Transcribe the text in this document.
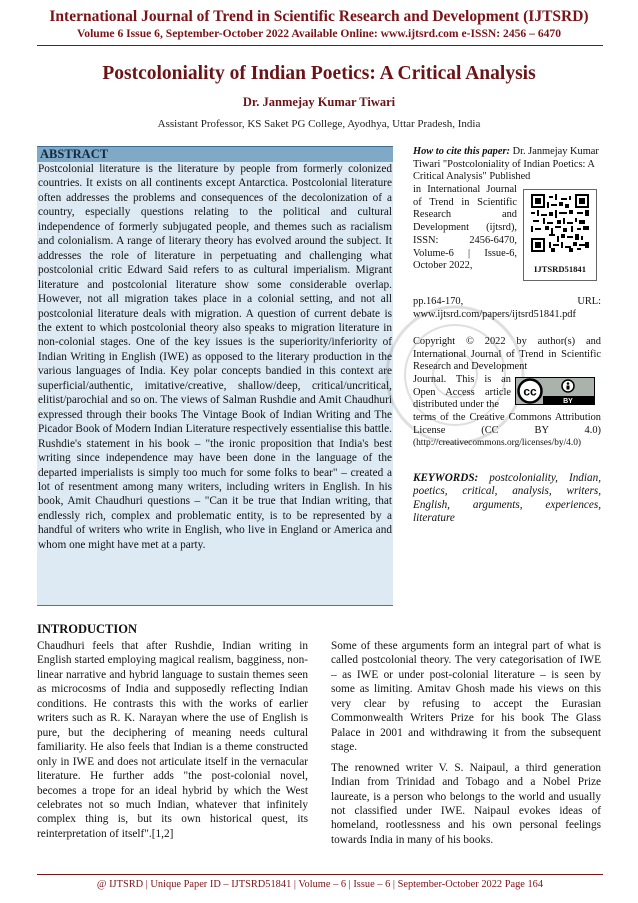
International Journal of Trend in Scientific Research and Development (IJTSRD)
Volume 6 Issue 6, September-October 2022 Available Online: www.ijtsrd.com e-ISSN: 2456 – 6470
Postcoloniality of Indian Poetics: A Critical Analysis
Dr. Janmejay Kumar Tiwari
Assistant Professor, KS Saket PG College, Ayodhya, Uttar Pradesh, India
ABSTRACT
Postcolonial literature is the literature by people from formerly colonized countries. It exists on all continents except Antarctica. Postcolonial literature often addresses the problems and consequences of the decolonization of a country, especially questions relating to the political and cultural independence of formerly subjugated people, and themes such as racialism and colonialism. A range of literary theory has evolved around the subject. It addresses the role of literature in perpetuating and challenging what postcolonial critic Edward Said refers to as cultural imperialism. Migrant literature and postcolonial literature show some considerable overlap. However, not all migration takes place in a colonial setting, and not all postcolonial literature deals with migration. A question of current debate is the extent to which postcolonial theory also speaks to migration literature in non-colonial stages. One of the key issues is the superiority/inferiority of Indian Writing in English (IWE) as opposed to the literary production in the various languages of India. Key polar concepts bandied in this context are superficial/authentic, imitative/creative, shallow/deep, critical/uncritical, elitist/parochial and so on. The views of Salman Rushdie and Amit Chaudhuri expressed through their books The Vintage Book of Indian Writing and The Picador Book of Modern Indian Literature respectively essentialise this battle. Rushdie's statement in his book – "the ironic proposition that India's best writing since independence may have been done in the language of the departed imperialists is simply too much for some folks to bear" – created a lot of resentment among many writers, including writers in English. In his book, Amit Chaudhuri questions – "Can it be true that Indian writing, that endlessly rich, complex and problematic entity, is to be represented by a handful of writers who write in English, who live in England or America and whom one might have met at a party.
How to cite this paper: Dr. Janmejay Kumar Tiwari "Postcoloniality of Indian Poetics: A Critical Analysis" Published
in International Journal of Trend in Scientific Research and Development (ijtsrd), ISSN: 2456-6470, Volume-6 | Issue-6, October 2022,
pp.164-170, URL: www.ijtsrd.com/papers/ijtsrd51841.pdf
IJTSRD51841
Copyright © 2022 by author(s) and International Journal of Trend in Scientific Research and Development
Journal. This is an Open Access article distributed under the
terms of the Creative Commons Attribution License (CC BY 4.0) (http://creativecommons.org/licenses/by/4.0)
cc
BY
KEYWORDS: postcoloniality, Indian, poetics, critical, analysis, writers, English, arguments, experiences, literature
INTRODUCTION
Chaudhuri feels that after Rushdie, Indian writing in English started employing magical realism, bagginess, non-linear narrative and hybrid language to sustain themes seen as microcosms of India and supposedly reflecting Indian conditions. He contrasts this with the works of earlier writers such as R. K. Narayan where the use of English is pure, but the deciphering of meaning needs cultural familiarity. He also feels that Indian is a theme constructed only in IWE and does not articulate itself in the vernacular literature. He further adds "the post-colonial novel, becomes a trope for an ideal hybrid by which the West celebrates not so much Indian, whatever that infinitely complex thing is, but its own historical quest, its reinterpretation of itself".[1,2]

Some of these arguments form an integral part of what is called postcolonial theory. The very categorisation of IWE – as IWE or under post-colonial literature – is seen by some as limiting. Amitav Ghosh made his views on this very clear by refusing to accept the Eurasian Commonwealth Writers Prize for his book The Glass Palace in 2001 and withdrawing it from the subsequent stage.

The renowned writer V. S. Naipaul, a third generation Indian from Trinidad and Tobago and a Nobel Prize laureate, is a person who belongs to the world and usually not classified under IWE. Naipaul evokes ideas of homeland, rootlessness and his own personal feelings towards India in many of his books.

@ IJTSRD | Unique Paper ID – IJTSRD51841 | Volume – 6 | Issue – 6 | September-October 2022 Page 164
